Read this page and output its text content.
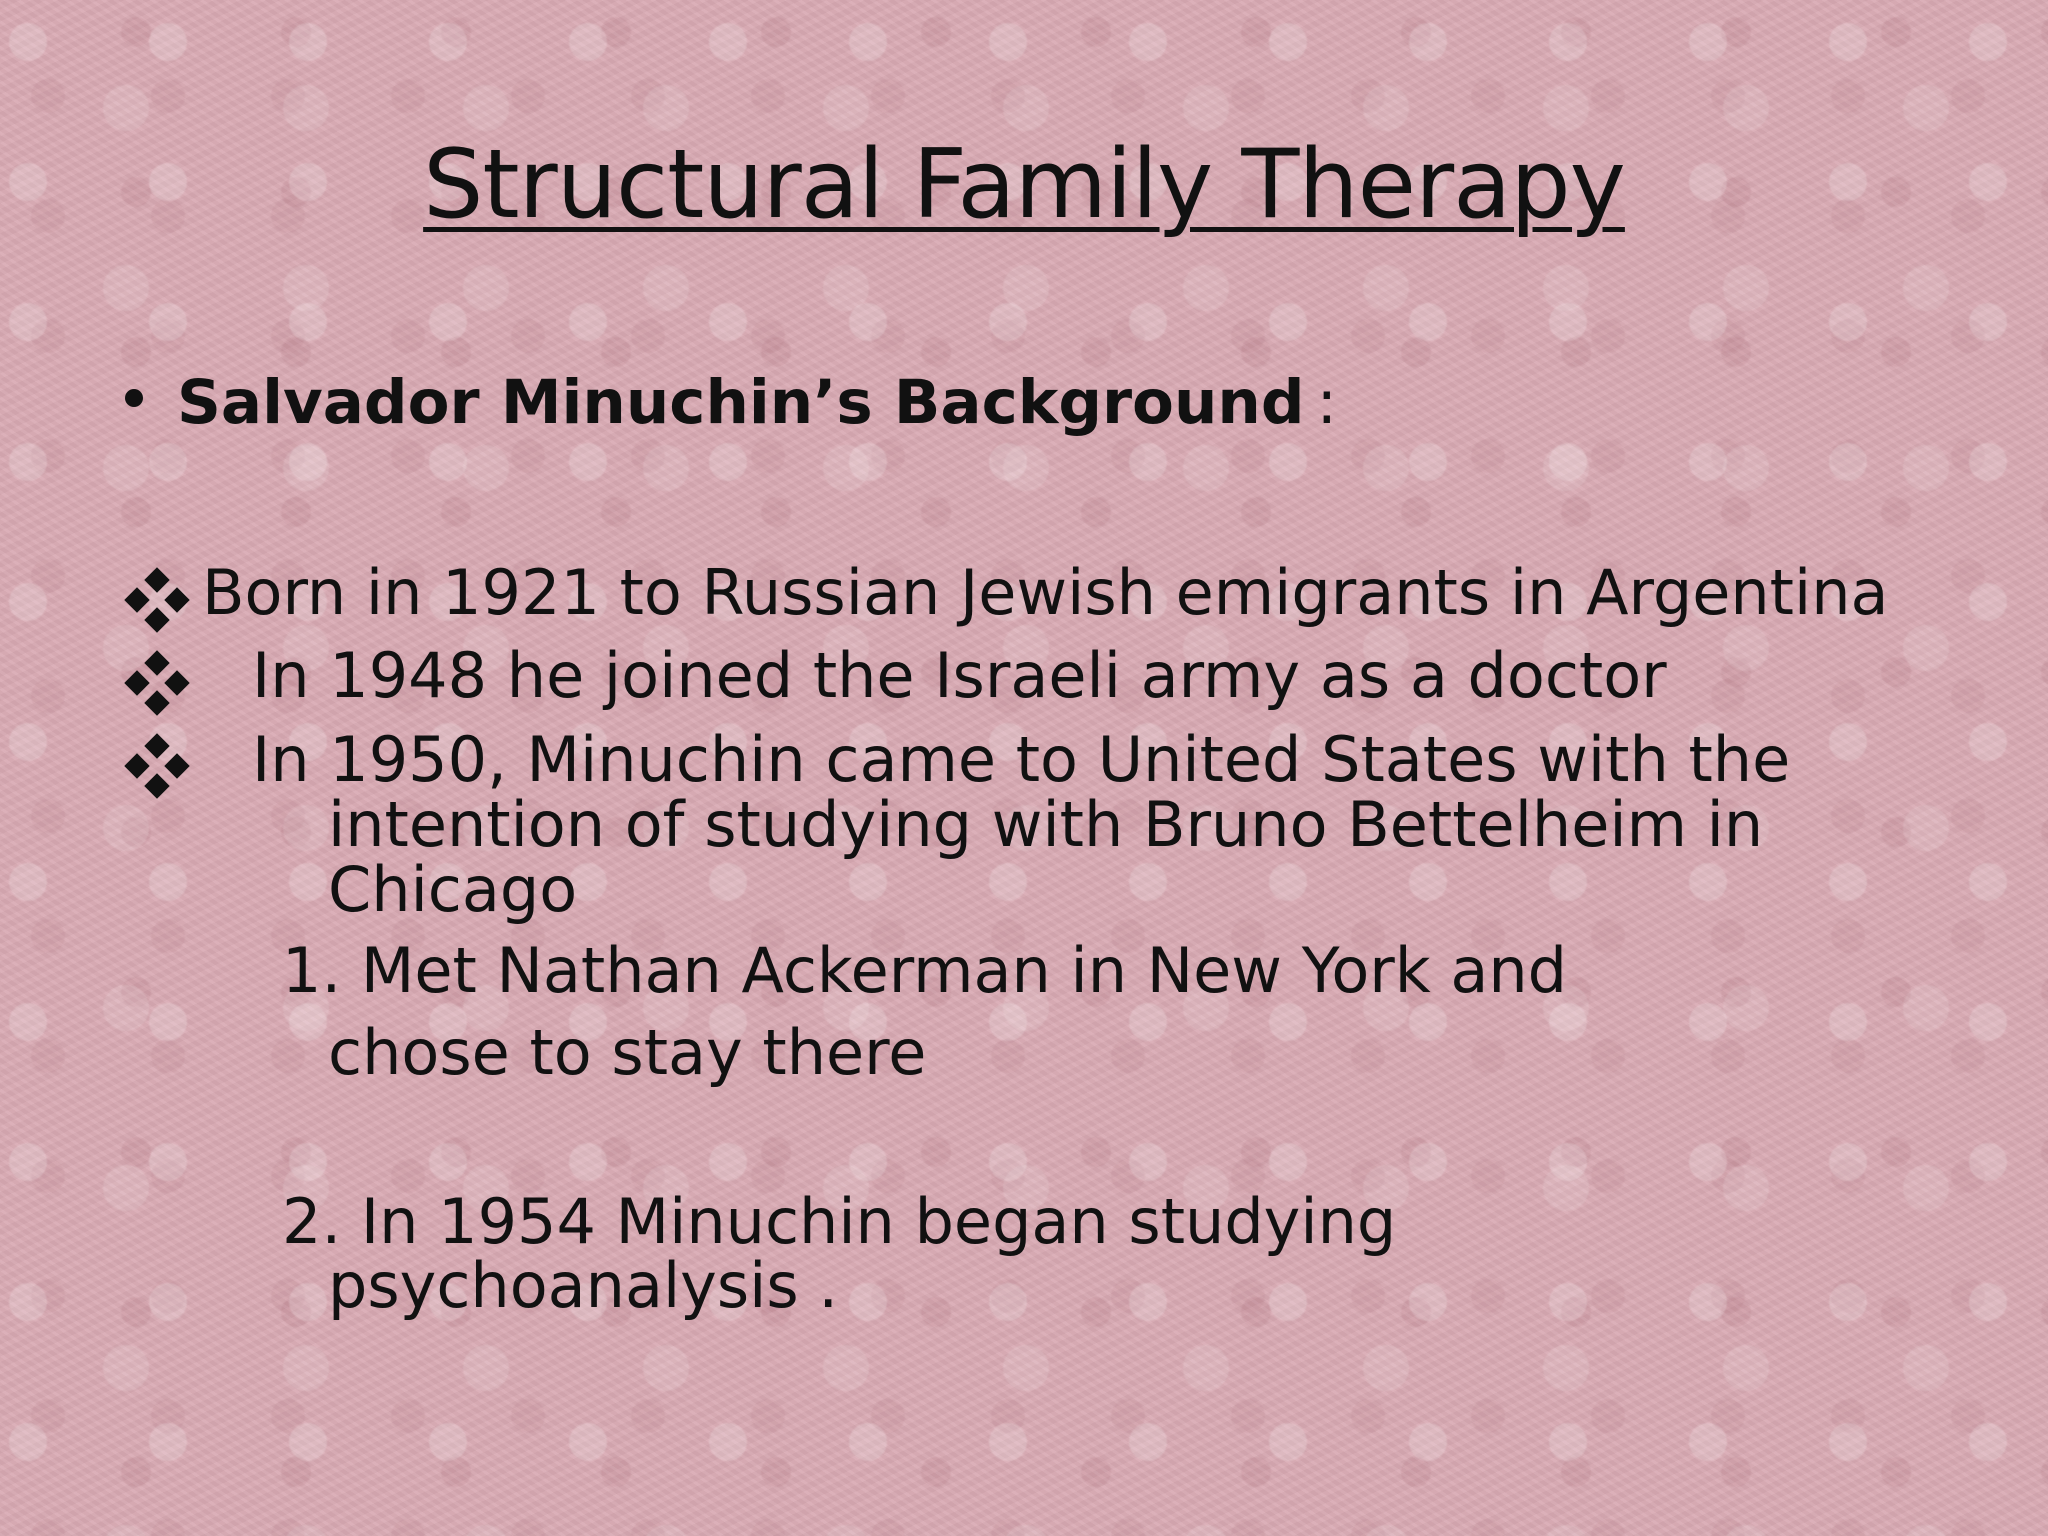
Structural Family Therapy
Salvador Minuchin’s Background :
Born in 1921 to Russian Jewish emigrants in Argentina
In 1948 he joined the Israeli army as a doctor
In 1950, Minuchin came to United States with the
intention of studying with Bruno Bettelheim in
Chicago
1. Met Nathan Ackerman in New York and
chose to stay there
2. In 1954 Minuchin began studying
psychoanalysis .
